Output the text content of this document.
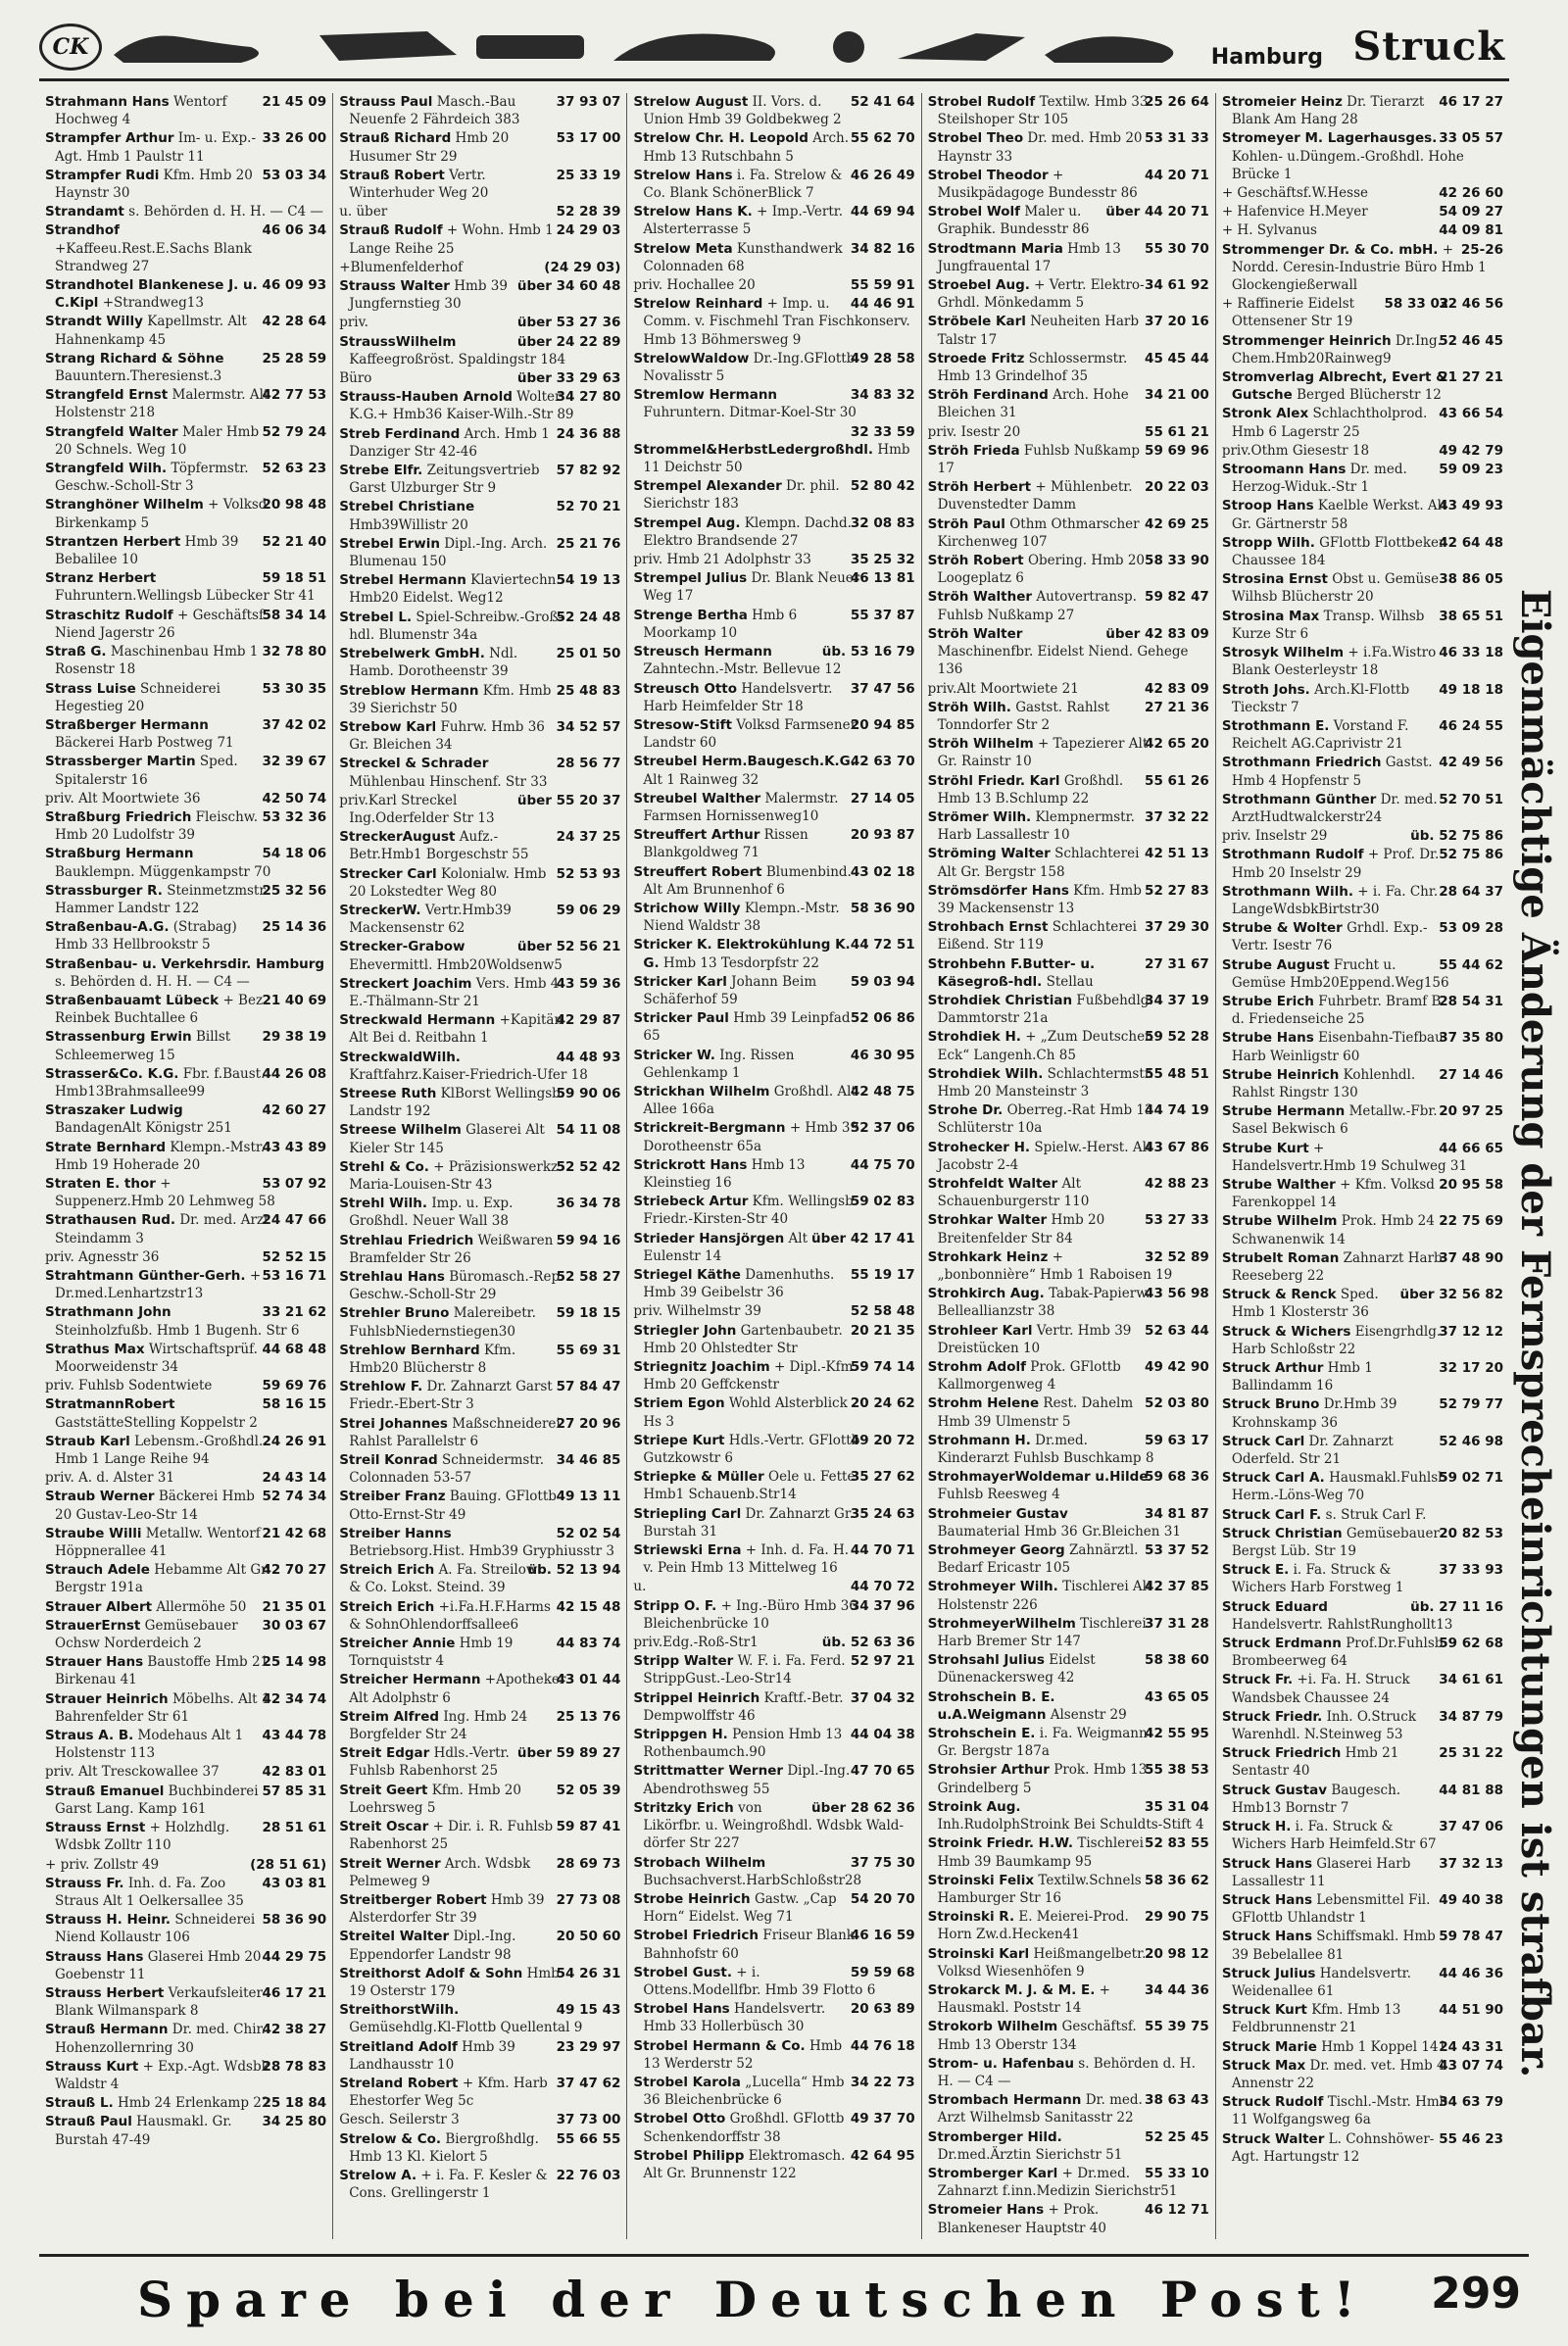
CK	Hamburg Struck
21 45 09
Strahmann Hans Wentorf Hochweg 4
33 26 00
Strampfer Arthur Im- u. Exp.-Agt. Hmb 1 Paulstr 11
53 03 34
Strampfer Rudi Kfm. Hmb 20 Haynstr 30
Strandamt s. Behörden d. H. H. — C4 —
46 06 34
Strandhof +Kaffeeu.Rest.E.Sachs Blank Strandweg 27
46 09 93
Strandhotel Blankenese J. u. C.Kipl +Strandweg13
42 28 64
Strandt Willy Kapellmstr. Alt Hahnenkamp 45
25 28 59
Strang Richard & Söhne Bauuntern.Theresienst.3
42 77 53
Strangfeld Ernst Malermstr. Alt Holstenstr 218
52 79 24
Strangfeld Walter Maler Hmb 20 Schnels. Weg 10
52 63 23
Strangfeld Wilh. Töpfermstr. Geschw.-Scholl-Str 3
20 98 48
Stranghöner Wilhelm + Volksd Birkenkamp 5
52 21 40
Strantzen Herbert Hmb 39 Bebalilee 10
59 18 51
Stranz Herbert Fuhruntern.Wellingsb Lübecker Str 41
58 34 14
Straschitz Rudolf + Geschäftsf. Niend Jagerstr 26
32 78 80
Straß G. Maschinenbau Hmb 1 Rosenstr 18
53 30 35
Strass Luise Schneiderei Hegestieg 20
37 42 02
Straßberger Hermann Bäckerei Harb Postweg 71
32 39 67
Strassberger Martin Sped. Spitalerstr 16
42 50 74
priv. Alt Moortwiete 36
53 32 36
Straßburg Friedrich Fleischw. Hmb 20 Ludolfstr 39
54 18 06
Straßburg Hermann Bauklempn. Müggenkampstr 70
25 32 56
Strassburger R. Steinmetzmstr. Hammer Landstr 122
25 14 36
Straßenbau-A.G. (Strabag) Hmb 33 Hellbrookstr 5
Straßenbau- u. Verkehrsdir. Hamburg s. Behörden d. H. H. — C4 —
21 40 69
Straßenbauamt Lübeck + Bez. Reinbek Buchtallee 6
29 38 19
Strassenburg Erwin Billst Schleemerweg 15
44 26 08
Strasser&Co. K.G. Fbr. f.Baust. Hmb13Brahmsallee99
42 60 27
Straszaker Ludwig BandagenAlt Königstr 251
43 43 89
Strate Bernhard Klempn.-Mstr. Hmb 19 Hoherade 20
53 07 92
Straten E. thor + Suppenerz.Hmb 20 Lehmweg 58
24 47 66
Strathausen Rud. Dr. med. Arzt Steindamm 3
52 52 15
priv. Agnesstr 36
53 16 71
Strahtmann Günther-Gerh. + Dr.med.Lenhartzstr13
33 21 62
Strathmann John Steinholzfußb. Hmb 1 Bugenh. Str 6
44 68 48
Strathus Max Wirtschaftsprüf. Moorweidenstr 34
59 69 76
priv. Fuhlsb Sodentwiete
58 16 15
StratmannRobert GaststätteStelling Koppelstr 2
24 26 91
Straub Karl Lebensm.-Großhdl. Hmb 1 Lange Reihe 94
24 43 14
priv. A. d. Alster 31
52 74 34
Straub Werner Bäckerei Hmb 20 Gustav-Leo-Str 14
21 42 68
Straube Willi Metallw. Wentorf Höppnerallee 41
42 70 27
Strauch Adele Hebamme Alt Gr. Bergstr 191a
21 35 01
Strauer Albert Allermöhe 50
30 03 67
StrauerErnst Gemüsebauer Ochsw Norderdeich 2
25 14 98
Strauer Hans Baustoffe Hmb 21 Birkenau 41
42 34 74
Strauer Heinrich Möbelhs. Alt 1 Bahrenfelder Str 61
43 44 78
Straus A. B. Modehaus Alt 1 Holstenstr 113
42 83 01
priv. Alt Tresckowallee 37
57 85 31
Strauß Emanuel Buchbinderei Garst Lang. Kamp 161
28 51 61
Strauss Ernst + Holzhdlg. Wdsbk Zolltr 110
(28 51 61)
+ priv. Zollstr 49
43 03 81
Strauss Fr. Inh. d. Fa. Zoo Straus Alt 1 Oelkersallee 35
58 36 90
Strauss H. Heinr. Schneiderei Niend Kollaustr 106
44 29 75
Strauss Hans Glaserei Hmb 20 Goebenstr 11
46 17 21
Strauss Herbert Verkaufsleiter Blank Wilmanspark 8
42 38 27
Strauß Hermann Dr. med. Chir. Hohenzollernring 30
28 78 83
Strauss Kurt + Exp.-Agt. Wdsbk Waldstr 4
25 18 84
Strauß L. Hmb 24 Erlenkamp 22
34 25 80
Strauß Paul Hausmakl. Gr. Burstah 47-49
37 93 07
Strauss Paul Masch.-Bau Neuenfe 2 Fährdeich 383
53 17 00
Strauß Richard Hmb 20 Husumer Str 29
25 33 19
Strauß Robert Vertr. Winterhuder Weg 20
52 28 39
u. über
24 29 03
Strauß Rudolf + Wohn. Hmb 1 Lange Reihe 25
(24 29 03)
+Blumenfelderhof
über 34 60 48
Strauss Walter Hmb 39 Jungfernstieg 30
über 53 27 36
priv.
über 24 22 89
StraussWilhelm Kaffeegroßröst. Spaldingstr 184
über 33 29 63
Büro
34 27 80
Strauss-Hauben Arnold Wolter K.G.+ Hmb36 Kaiser-Wilh.-Str 89
24 36 88
Streb Ferdinand Arch. Hmb 1 Danziger Str 42-46
57 82 92
Strebe Elfr. Zeitungsvertrieb Garst Ulzburger Str 9
52 70 21
Strebel Christiane Hmb39Willistr 20
25 21 76
Strebel Erwin Dipl.-Ing. Arch. Blumenau 150
54 19 13
Strebel Hermann Klaviertechn. Hmb20 Eidelst. Weg12
52 24 48
Strebel L. Spiel-Schreibw.-Groß-hdl. Blumenstr 34a
25 01 50
Strebelwerk GmbH. Ndl. Hamb. Dorotheenstr 39
25 48 83
Streblow Hermann Kfm. Hmb 39 Sierichstr 50
34 52 57
Strebow Karl Fuhrw. Hmb 36 Gr. Bleichen 34
28 56 77
Streckel & Schrader Mühlenbau Hinschenf. Str 33
über 55 20 37
priv.Karl Streckel Ing.Oderfelder Str 13
24 37 25
StreckerAugust Aufz.-Betr.Hmb1 Borgeschstr 55
52 53 93
Strecker Carl Kolonialw. Hmb 20 Lokstedter Weg 80
59 06 29
StreckerW. Vertr.Hmb39 Mackensenstr 62
über 52 56 21
Strecker-Grabow Ehevermittl. Hmb20Woldsenw5
43 59 36
Streckert Joachim Vers. Hmb 4 E.-Thälmann-Str 21
42 29 87
Streckwald Hermann +Kapitän Alt Bei d. Reitbahn 1
44 48 93
StreckwaldWilh. Kraftfahrz.Kaiser-Friedrich-Ufer 18
59 90 06
Streese Ruth KlBorst Wellingsb. Landstr 192
54 11 08
Streese Wilhelm Glaserei Alt Kieler Str 145
52 52 42
Strehl & Co. + Präzisionswerkz. Maria-Louisen-Str 43
36 34 78
Strehl Wilh. Imp. u. Exp. Großhdl. Neuer Wall 38
59 94 16
Strehlau Friedrich Weißwaren Bramfelder Str 26
52 58 27
Strehlau Hans Büromasch.-Rep. Geschw.-Scholl-Str 29
59 18 15
Strehler Bruno Malereibetr. FuhlsbNiedernstiegen30
55 69 31
Strehlow Bernhard Kfm. Hmb20 Blücherstr 8
57 84 47
Strehlow F. Dr. Zahnarzt Garst Friedr.-Ebert-Str 3
27 20 96
Strei Johannes Maßschneiderei Rahlst Parallelstr 6
34 46 85
Streil Konrad Schneidermstr. Colonnaden 53-57
49 13 11
Streiber Franz Bauing. GFlottb Otto-Ernst-Str 49
52 02 54
Streiber Hanns Betriebsorg.Hist. Hmb39 Gryphiusstr 3
üb. 52 13 94
Streich Erich A. Fa. Streilow & Co. Lokst. Steind. 39
42 15 48
Streich Erich +i.Fa.H.F.Harms & SohnOhlendorffsallee6
44 83 74
Streicher Annie Hmb 19 Tornquiststr 4
43 01 44
Streicher Hermann +Apotheker Alt Adolphstr 6
25 13 76
Streim Alfred Ing. Hmb 24 Borgfelder Str 24
über 59 89 27
Streit Edgar Hdls.-Vertr. Fuhlsb Rabenhorst 25
52 05 39
Streit Geert Kfm. Hmb 20 Loehrsweg 5
59 87 41
Streit Oscar + Dir. i. R. Fuhlsb Rabenhorst 25
28 69 73
Streit Werner Arch. Wdsbk Pelmeweg 9
27 73 08
Streitberger Robert Hmb 39 Alsterdorfer Str 39
20 50 60
Streitel Walter Dipl.-Ing. Eppendorfer Landstr 98
54 26 31
Streithorst Adolf & Sohn Hmb 19 Osterstr 179
49 15 43
StreithorstWilh. Gemüsehdlg.Kl-Flottb Quellental 9
23 29 97
Streitland Adolf Hmb 39 Landhausstr 10
37 47 62
Streland Robert + Kfm. Harb Ehestorfer Weg 5c
37 73 00
Gesch. Seilerstr 3
55 66 55
Strelow & Co. Biergroßhdlg. Hmb 13 Kl. Kielort 5
22 76 03
Strelow A. + i. Fa. F. Kesler & Cons. Grellingerstr 1
52 41 64
Strelow August II. Vors. d. Union Hmb 39 Goldbekweg 2
55 62 70
Strelow Chr. H. Leopold Arch. Hmb 13 Rutschbahn 5
46 26 49
Strelow Hans i. Fa. Strelow & Co. Blank SchönerBlick 7
44 69 94
Strelow Hans K. + Imp.-Vertr. Alsterterrasse 5
34 82 16
Strelow Meta Kunsthandwerk Colonnaden 68
55 59 91
priv. Hochallee 20
44 46 91
Strelow Reinhard + Imp. u. Comm. v. Fischmehl Tran Fischkonserv. Hmb 13 Böhmersweg 9
49 28 58
StrelowWaldow Dr.-Ing.GFlottb Novalisstr 5
34 83 32
Stremlow Hermann Fuhruntern. Ditmar-Koel-Str 30
32 33 59
Strommel&HerbstLedergroßhdl. Hmb 11 Deichstr 50
52 80 42
Strempel Alexander Dr. phil. Sierichstr 183
32 08 83
Strempel Aug. Klempn. Dachd. Elektro Brandsende 27
35 25 32
priv. Hmb 21 Adolphstr 33
46 13 81
Strempel Julius Dr. Blank Neuer Weg 17
55 37 87
Strenge Bertha Hmb 6 Moorkamp 10
üb. 53 16 79
Streusch Hermann Zahntechn.-Mstr. Bellevue 12
37 47 56
Streusch Otto Handelsvertr. Harb Heimfelder Str 18
20 94 85
Stresow-Stift Volksd Farmsener Landstr 60
42 63 70
Streubel Herm.Baugesch.K.G. Alt 1 Rainweg 32
27 14 05
Streubel Walther Malermstr. Farmsen Hornissenweg10
20 93 87
Streuffert Arthur Rissen Blankgoldweg 71
43 02 18
Streuffert Robert Blumenbind. Alt Am Brunnenhof 6
58 36 90
Strichow Willy Klempn.-Mstr. Niend Waldstr 38
44 72 51
Stricker K. Elektrokühlung K. G. Hmb 13 Tesdorpfstr 22
59 03 94
Stricker Karl Johann Beim Schäferhof 59
52 06 86
Stricker Paul Hmb 39 Leinpfad 65
46 30 95
Stricker W. Ing. Rissen Gehlenkamp 1
42 48 75
Strickhan Wilhelm Großhdl. Alt Allee 166a
52 37 06
Strickreit-Bergmann + Hmb 39 Dorotheenstr 65a
44 75 70
Strickrott Hans Hmb 13 Kleinstieg 16
59 02 83
Striebeck Artur Kfm. Wellingsb Friedr.-Kirsten-Str 40
über 42 17 41
Strieder Hansjörgen Alt Eulenstr 14
55 19 17
Striegel Käthe Damenhuths. Hmb 39 Geibelstr 36
52 58 48
priv. Wilhelmstr 39
20 21 35
Striegler John Gartenbaubetr. Hmb 20 Ohlstedter Str
59 74 14
Striegnitz Joachim + Dipl.-Kfm. Hmb 20 Geffckenstr
20 24 62
Striem Egon Wohld Alsterblick Hs 3
49 20 72
Striepe Kurt Hdls.-Vertr. GFlottb Gutzkowstr 6
35 27 62
Striepke & Müller Oele u. Fette Hmb1 Schauenb.Str14
35 24 63
Striepling Carl Dr. Zahnarzt Gr. Burstah 31
44 70 71
Striewski Erna + Inh. d. Fa. H. v. Pein Hmb 13 Mittelweg 16
44 70 72
u.
34 37 96
Stripp O. F. + Ing.-Büro Hmb 36 Bleichenbrücke 10
üb. 52 63 36
priv.Edg.-Roß-Str1
52 97 21
Stripp Walter W. F. i. Fa. Ferd. StrippGust.-Leo-Str14
37 04 32
Strippel Heinrich Kraftf.-Betr. Dempwolffstr 46
44 04 38
Strippgen H. Pension Hmb 13 Rothenbaumch.90
47 70 65
Strittmatter Werner Dipl.-Ing. Abendrothsweg 55
über 28 62 36
Stritzky Erich von Likörfbr. u. Weingroßhdl. Wdsbk Wald-dörfer Str 227
37 75 30
Strobach Wilhelm Buchsachverst.HarbSchloßstr28
54 20 70
Strobe Heinrich Gastw. „Cap Horn“ Eidelst. Weg 71
46 16 59
Strobel Friedrich Friseur Blank. Bahnhofstr 60
59 59 68
Strobel Gust. + i. Ottens.Modellfbr. Hmb 39 Flotto 6
20 63 89
Strobel Hans Handelsvertr. Hmb 33 Hollerbüsch 30
44 76 18
Strobel Hermann & Co. Hmb 13 Werderstr 52
34 22 73
Strobel Karola „Lucella“ Hmb 36 Bleichenbrücke 6
49 37 70
Strobel Otto Großhdl. GFlottb Schenkendorffstr 38
42 64 95
Strobel Philipp Elektromasch. Alt Gr. Brunnenstr 122
25 26 64
Strobel Rudolf Textilw. Hmb 33 Steilshoper Str 105
53 31 33
Strobel Theo Dr. med. Hmb 20 Haynstr 33
44 20 71
Strobel Theodor + Musikpädagoge Bundesstr 86
über 44 20 71
Strobel Wolf Maler u. Graphik. Bundesstr 86
55 30 70
Strodtmann Maria Hmb 13 Jungfrauental 17
34 61 92
Stroebel Aug. + Vertr. Elektro-Grhdl. Mönkedamm 5
37 20 16
Ströbele Karl Neuheiten Harb Talstr 17
45 45 44
Stroede Fritz Schlossermstr. Hmb 13 Grindelhof 35
34 21 00
Ströh Ferdinand Arch. Hohe Bleichen 31
55 61 21
priv. Isestr 20
59 69 96
Ströh Frieda Fuhlsb Nußkamp 17
20 22 03
Ströh Herbert + Mühlenbetr. Duvenstedter Damm
42 69 25
Ströh Paul Othm Othmarscher Kirchenweg 107
58 33 90
Ströh Robert Obering. Hmb 20 Loogeplatz 6
59 82 47
Ströh Walther Autovertransp. Fuhlsb Nußkamp 27
über 42 83 09
Ströh Walter Maschinenfbr. Eidelst Niend. Gehege 136
42 83 09
priv.Alt Moortwiete 21
27 21 36
Ströh Wilh. Gastst. Rahlst Tonndorfer Str 2
42 65 20
Ströh Wilhelm + Tapezierer Alt Gr. Rainstr 10
55 61 26
Ströhl Friedr. Karl Großhdl. Hmb 13 B.Schlump 22
37 32 22
Strömer Wilh. Klempnermstr. Harb Lassallestr 10
42 51 13
Ströming Walter Schlachterei Alt Gr. Bergstr 158
52 27 83
Strömsdörfer Hans Kfm. Hmb 39 Mackensenstr 13
37 29 30
Strohbach Ernst Schlachterei Eißend. Str 119
27 31 67
Strohbehn F.Butter- u. Käsegroß-hdl. Stellau
34 37 19
Strohdiek Christian Fußbehdlg. Dammtorstr 21a
59 52 28
Strohdiek H. + „Zum Deutschen Eck“ Langenh.Ch 85
55 48 51
Strohdiek Wilh. Schlachtermstr. Hmb 20 Mansteinstr 3
44 74 19
Strohe Dr. Oberreg.-Rat Hmb 13 Schlüterstr 10a
43 67 86
Strohecker H. Spielw.-Herst. Alt Jacobstr 2-4
42 88 23
Strohfeldt Walter Alt Schauenburgerstr 110
53 27 33
Strohkar Walter Hmb 20 Breitenfelder Str 84
32 52 89
Strohkark Heinz +„bonbonnière“ Hmb 1 Raboisen 19
43 56 98
Strohkirch Aug. Tabak-Papierw. Belleallianzstr 38
52 63 44
Strohleer Karl Vertr. Hmb 39 Dreistücken 10
49 42 90
Strohm Adolf Prok. GFlottb Kallmorgenweg 4
52 03 80
Strohm Helene Rest. Dahelm Hmb 39 Ulmenstr 5
59 63 17
Strohmann H. Dr.med. Kinderarzt Fuhlsb Buschkamp 8
59 68 36
StrohmayerWoldemar u.Hilde Fuhlsb Reesweg 4
34 81 87
Strohmeier Gustav Baumaterial Hmb 36 Gr.Bleichen 31
53 37 52
Strohmeyer Georg Zahnärztl. Bedarf Ericastr 105
42 37 85
Strohmeyer Wilh. Tischlerei Alt Holstenstr 226
37 31 28
StrohmeyerWilhelm Tischlerei Harb Bremer Str 147
58 38 60
Strohsahl Julius Eidelst Dünenackersweg 42
43 65 05
Strohschein B. E. u.A.Weigmann Alsenstr 29
42 55 95
Strohschein E. i. Fa. Weigmann Gr. Bergstr 187a
55 38 53
Strohsier Arthur Prok. Hmb 13 Grindelberg 5
35 31 04
Stroink Aug. Inh.RudolphStroink Bei Schuldts-Stift 4
52 83 55
Stroink Friedr. H.W. Tischlerei Hmb 39 Baumkamp 95
58 36 62
Stroinski Felix Textilw.Schnels Hamburger Str 16
29 90 75
Stroinski R. E. Meierei-Prod. Horn Zw.d.Hecken41
20 98 12
Stroinski Karl Heißmangelbetr. Volksd Wiesenhöfen 9
34 44 36
Strokarck M. J. & M. E. + Hausmakl. Poststr 14
55 39 75
Strokorb Wilhelm Geschäftsf. Hmb 13 Oberstr 134
Strom- u. Hafenbau s. Behörden d. H. H. — C4 —
38 63 43
Strombach Hermann Dr. med. Arzt Wilhelmsb Sanitasstr 22
52 25 45
Stromberger Hild. Dr.med.Ärztin Sierichstr 51
55 33 10
Stromberger Karl + Dr.med. Zahnarzt f.inn.Medizin Sierichstr51
46 12 71
Stromeier Hans + Prok. Blankeneser Hauptstr 40
46 17 27
Stromeier Heinz Dr. Tierarzt Blank Am Hang 28
33 05 57
Stromeyer M. Lagerhausges. Kohlen- u.Düngem.-Großhdl. Hohe Brücke 1
42 26 60
+ Geschäftsf.W.Hesse
54 09 27
+ Hafenvice H.Meyer
44 09 81
+ H. Sylvanus
25-26
Strommenger Dr. & Co. mbH. + Nordd. Ceresin-Industrie Büro Hmb 1 Glockengießerwall
32 46 56
58 33 02
+ Raffinerie Eidelst Ottensener Str 19
52 46 45
Strommenger Heinrich Dr.Ing. Chem.Hmb20Rainweg9
21 27 21
Stromverlag Albrecht, Evert & Gutsche Berged Blücherstr 12
43 66 54
Stronk Alex Schlachtholprod. Hmb 6 Lagerstr 25
49 42 79
priv.Othm Giesestr 18
59 09 23
Stroomann Hans Dr. med. Herzog-Widuk.-Str 1
43 49 93
Stroop Hans Kaelble Werkst. Alt Gr. Gärtnerstr 58
42 64 48
Stropp Wilh. GFlottb Flottbeker Chaussee 184
38 86 05
Strosina Ernst Obst u. Gemüse Wilhsb Blücherstr 20
38 65 51
Strosina Max Transp. Wilhsb Kurze Str 6
46 33 18
Strosyk Wilhelm + i.Fa.Wistro Blank Oesterleystr 18
49 18 18
Stroth Johs. Arch.Kl-Flottb Tieckstr 7
46 24 55
Strothmann E. Vorstand F. Reichelt AG.Caprivistr 21
42 49 56
Strothmann Friedrich Gastst. Hmb 4 Hopfenstr 5
52 70 51
Strothmann Günther Dr. med. ArztHudtwalckerstr24
üb. 52 75 86
priv. Inselstr 29
52 75 86
Strothmann Rudolf + Prof. Dr. Hmb 20 Inselstr 29
28 64 37
Strothmann Wilh. + i. Fa. Chr. LangeWdsbkBirtstr30
53 09 28
Strube & Wolter Grhdl. Exp.-Vertr. Isestr 76
55 44 62
Strube August Frucht u. Gemüse Hmb20Eppend.Weg156
28 54 31
Strube Erich Fuhrbetr. Bramf B. d. Friedenseiche 25
37 35 80
Strube Hans Eisenbahn-Tiefbau Harb Weinligstr 60
27 14 46
Strube Heinrich Kohlenhdl. Rahlst Ringstr 130
20 97 25
Strube Hermann Metallw.-Fbr. Sasel Bekwisch 6
44 66 65
Strube Kurt + Handelsvertr.Hmb 19 Schulweg 31
20 95 58
Strube Walther + Kfm. Volksd Farenkoppel 14
22 75 69
Strube Wilhelm Prok. Hmb 24 Schwanenwik 14
37 48 90
Strubelt Roman Zahnarzt Harb Reeseberg 22
über 32 56 82
Struck & Renck Sped. Hmb 1 Klosterstr 36
37 12 12
Struck & Wichers Eisengrhdlg. Harb Schloßstr 22
32 17 20
Struck Arthur Hmb 1 Ballindamm 16
52 79 77
Struck Bruno Dr.Hmb 39 Krohnskamp 36
52 46 98
Struck Carl Dr. Zahnarzt Oderfeld. Str 21
59 02 71
Struck Carl A. Hausmakl.Fuhlsb Herm.-Löns-Weg 70
Struck Carl F. s. Struk Carl F.
20 82 53
Struck Christian Gemüsebauer Bergst Lüb. Str 19
37 33 93
Struck E. i. Fa. Struck & Wichers Harb Forstweg 1
üb. 27 11 16
Struck Eduard Handelsvertr. RahlstRunghollt13
59 62 68
Struck Erdmann Prof.Dr.Fuhlsb Brombeerweg 64
34 61 61
Struck Fr. +i. Fa. H. Struck Wandsbek Chaussee 24
34 87 79
Struck Friedr. Inh. O.Struck Warenhdl. N.Steinweg 53
25 31 22
Struck Friedrich Hmb 21 Sentastr 40
44 81 88
Struck Gustav Baugesch. Hmb13 Bornstr 7
37 47 06
Struck H. i. Fa. Struck & Wichers Harb Heimfeld.Str 67
37 32 13
Struck Hans Glaserei Harb Lassallestr 11
49 40 38
Struck Hans Lebensmittel Fil. GFlottb Uhlandstr 1
59 78 47
Struck Hans Schiffsmakl. Hmb 39 Bebelallee 81
44 46 36
Struck Julius Handelsvertr. Weidenallee 61
44 51 90
Struck Kurt Kfm. Hmb 13 Feldbrunnenstr 21
24 43 31
Struck Marie Hmb 1 Koppel 141
43 07 74
Struck Max Dr. med. vet. Hmb 4 Annenstr 22
34 63 79
Struck Rudolf Tischl.-Mstr. Hmb 11 Wolfgangsweg 6a
55 46 23
Struck Walter L. Cohnshöwer-Agt. Hartungstr 12
Eigenmächtige Änderung der Fernsprecheinrichtungen ist strafbar.
Spare bei der Deutschen Post! 299
